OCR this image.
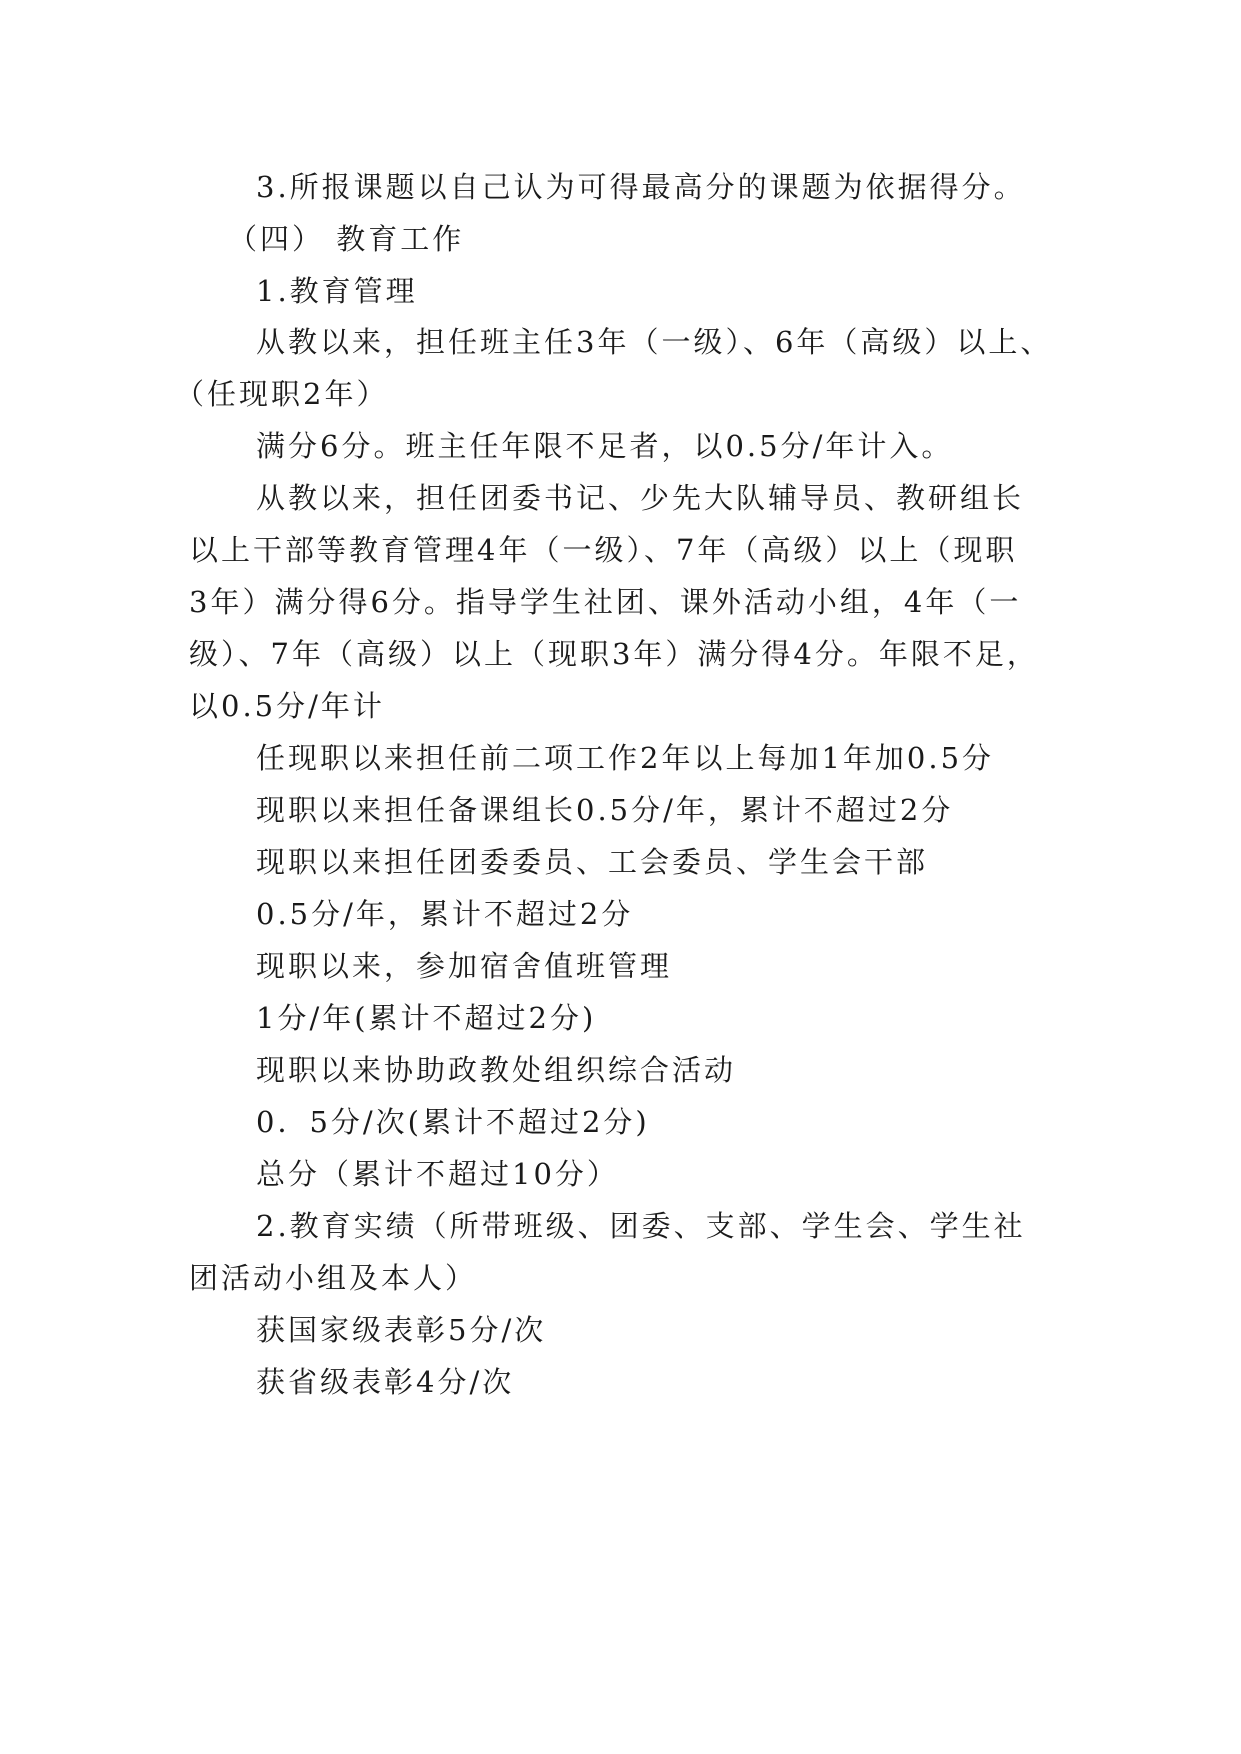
3.所报课题以自己认为可得最高分的课题为依据得分。
（四） 教育工作
1.教育管理
从教以来，担任班主任3年（一级）、6年（高级）以上、
（任现职2年）
满分6分。班主任年限不足者，以0.5分/年计入。
从教以来，担任团委书记、少先大队辅导员、教研组长
以上干部等教育管理4年（一级）、7年（高级）以上（现职
3年）满分得6分。指导学生社团、课外活动小组，4年（一
级）、7年（高级）以上（现职3年）满分得4分。年限不足，
以0.5分/年计
任现职以来担任前二项工作2年以上每加1年加0.5分
现职以来担任备课组长0.5分/年，累计不超过2分
现职以来担任团委委员、工会委员、学生会干部
0.5分/年，累计不超过2分
现职以来，参加宿舍值班管理
1分/年(累计不超过2分)
现职以来协助政教处组织综合活动
0．5分/次(累计不超过2分)
总分（累计不超过10分）
2.教育实绩（所带班级、团委、支部、学生会、学生社
团活动小组及本人）
获国家级表彰5分/次
获省级表彰4分/次
